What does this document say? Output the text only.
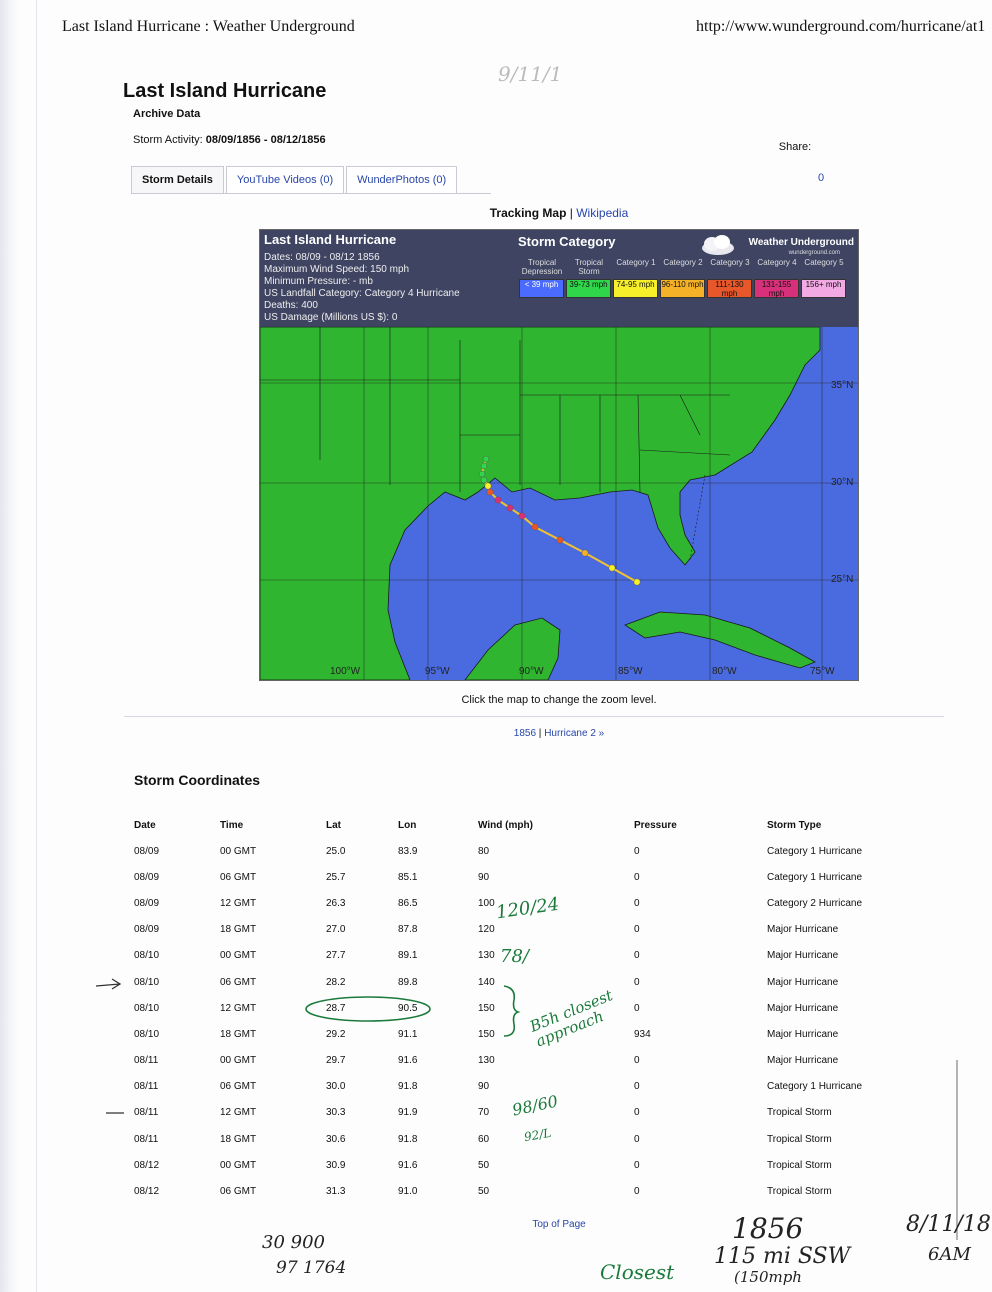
Last Island Hurricane : Weather Underground	http://www.wunderground.com/hurricane/at1
Last Island Hurricane
Archive Data
Storm Activity: 08/09/1856 - 08/12/1856
Share:
0
Storm Details	YouTube Videos (0)	WunderPhotos (0)
Tracking Map | Wikipedia
Last Island Hurricane
Dates: 08/09 - 08/12 1856
Maximum Wind Speed: 150 mph
Minimum Pressure: - mb
US Landfall Category: Category 4 Hurricane
Deaths: 400
US Damage (Millions US $): 0
Storm Category	Weather Underground
wunderground.com
Tropical Depression
Tropical Storm
Category 1 Category 2 Category 3 Category 4 Category 5
< 39 mph	39-73 mph	74-95 mph 96-110 mph	111-130 mph
131-155 mph
156+ mph
35°N
30°N
25°N
100°W	95°W	90°W	85°W	80°W	75°W
Click the map to change the zoom level.
1856 | Hurricane 2 »
Storm Coordinates
Date	Time	Lat	Lon	Wind (mph)	Pressure	Storm Type
08/09	00 GMT	25.0	83.9	80	0	Category 1 Hurricane
08/09	06 GMT	25.7	85.1	90	0	Category 1 Hurricane
08/09	12 GMT	26.3	86.5	100	0	Category 2 Hurricane
08/09	18 GMT	27.0	87.8	120	0	Major Hurricane
08/10	00 GMT	27.7	89.1	130	0	Major Hurricane
08/10	06 GMT	28.2	89.8	140	0	Major Hurricane
08/10	12 GMT	28.7	90.5	150	0	Major Hurricane
08/10	18 GMT	29.2	91.1	150	934	Major Hurricane
08/11	00 GMT	29.7	91.6	130	0	Major Hurricane
08/11	06 GMT	30.0	91.8	90	0	Category 1 Hurricane
08/11	12 GMT	30.3	91.9	70	0	Tropical Storm
08/11	18 GMT	30.6	91.8	60	0	Tropical Storm
08/12	00 GMT	30.9	91.6	50	0	Tropical Storm
08/12	06 GMT	31.3	91.0	50	0	Tropical Storm
Top of Page
9/11/1
120/24
78/
B5h closest approach
98/60
92/L
1856	8/11/18
6AM
Closest
115 mi SSW
(150mph
30 900
97 1764
